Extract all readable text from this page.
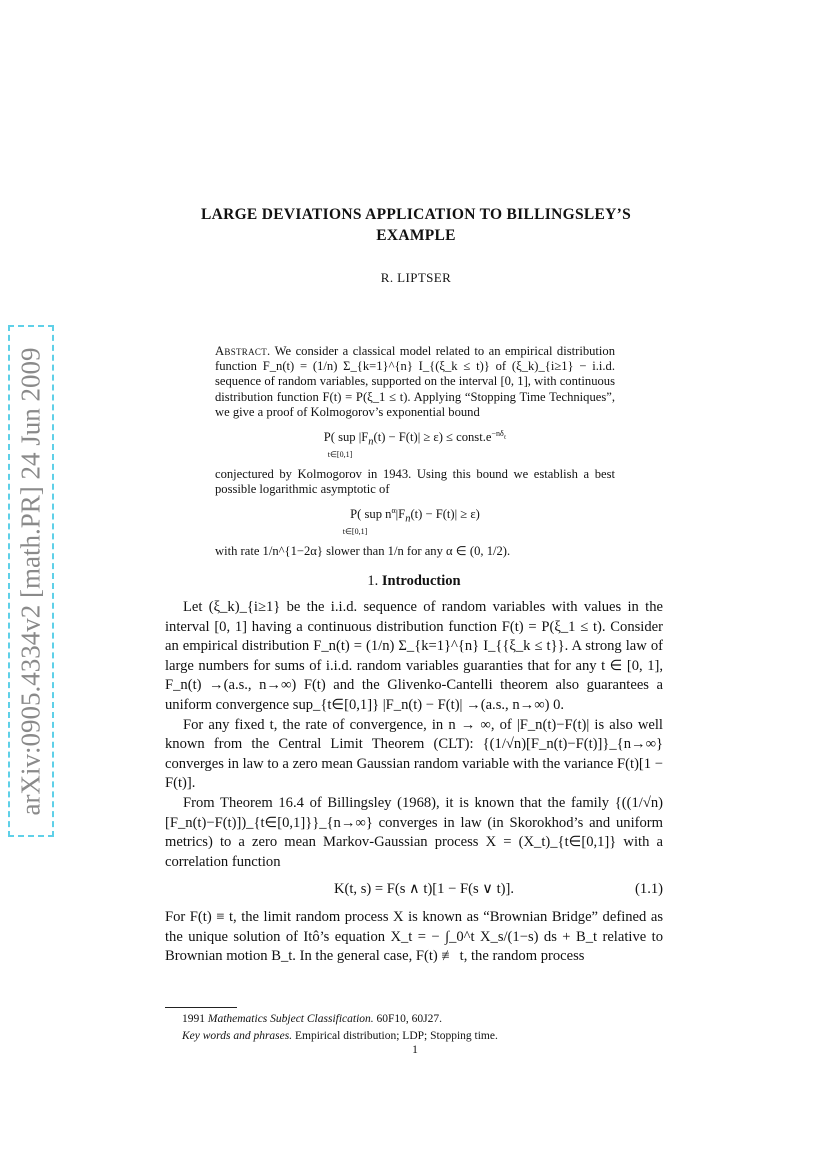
arXiv:0905.4334v2 [math.PR] 24 Jun 2009
LARGE DEVIATIONS APPLICATION TO BILLINGSLEY’S
EXAMPLE
R. LIPTSER

Abstract. We consider a classical model related to an empirical distribution function F_n(t) = (1/n) Σ_{k=1}^{n} I_{(ξ_k ≤ t)} of (ξ_k)_{i≥1} − i.i.d. sequence of random variables, supported on the interval [0, 1], with continuous distribution function F(t) = P(ξ_1 ≤ t). Applying “Stopping Time Techniques”, we give a proof of Kolmogorov’s exponential bound

P( sup $|F_n(t) - F(t)| \ge \varepsilon$) ≤ $const.e^{-n\delta_\varepsilon}$
t∈[0,1]

conjectured by Kolmogorov in 1943. Using this bound we establish a best possible logarithmic asymptotic of

P( sup $n^\alpha|F_n(t) - F(t)| \ge \varepsilon$)
t∈[0,1]

with rate 1/n^{1−2α} slower than 1/n for any α ∈ (0, 1/2).

1. Introduction

Let (ξ_k)_{i≥1} be the i.i.d. sequence of random variables with values in the interval [0, 1] having a continuous distribution function F(t) = P(ξ_1 ≤ t). Consider an empirical distribution F_n(t) = (1/n) Σ_{k=1}^{n} I_{{ξ_k ≤ t}}. A strong law of large numbers for sums of i.i.d. random variables guaranties that for any t ∈ [0, 1], F_n(t) →(a.s., n→∞) F(t) and the Glivenko-Cantelli theorem also guarantees a uniform convergence sup_{t∈[0,1]} |F_n(t) − F(t)| →(a.s., n→∞) 0.

For any fixed t, the rate of convergence, in n → ∞, of |F_n(t)−F(t)| is also well known from the Central Limit Theorem (CLT): {(1/√n)[F_n(t)−F(t)]}_{n→∞} converges in law to a zero mean Gaussian random variable with the variance F(t)[1 − F(t)].

From Theorem 16.4 of Billingsley (1968), it is known that the family {((1/√n)[F_n(t)−F(t)])_{t∈[0,1]}}_{n→∞} converges in law (in Skorokhod’s and uniform metrics) to a zero mean Markov-Gaussian process X = (X_t)_{t∈[0,1]} with a correlation function

K(t, s) = F(s ∧ t)[1 − F(s ∨ t)].	(1.1)

For F(t) ≡ t, the limit random process X is known as “Brownian Bridge” defined as the unique solution of Itô’s equation X_t = − ∫_0^t X_s/(1−s) ds + B_t relative to Brownian motion B_t. In the general case, F(t) ≢ t, the random process

1991 Mathematics Subject Classification. 60F10, 60J27.
Key words and phrases. Empirical distribution; LDP; Stopping time.
1
